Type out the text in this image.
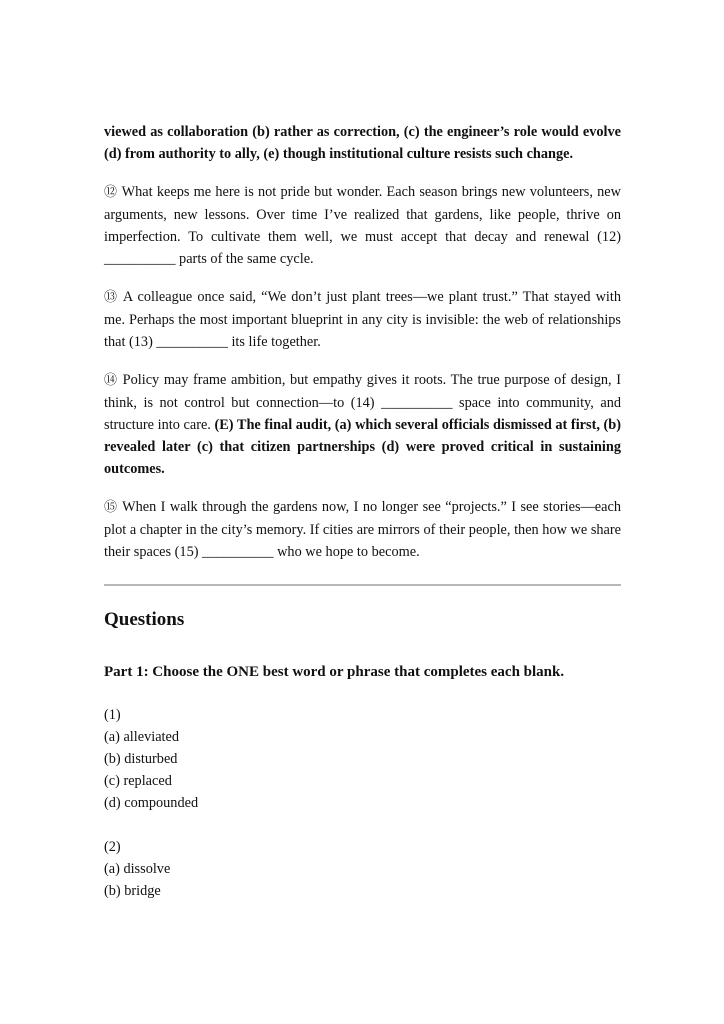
viewed as collaboration (b) rather as correction, (c) the engineer’s role would evolve (d) from authority to ally, (e) though institutional culture resists such change.

⑫ What keeps me here is not pride but wonder. Each season brings new volunteers, new arguments, new lessons. Over time I’ve realized that gardens, like people, thrive on imperfection. To cultivate them well, we must accept that decay and renewal (12) __________ parts of the same cycle.

⑬ A colleague once said, “We don’t just plant trees—we plant trust.” That stayed with me. Perhaps the most important blueprint in any city is invisible: the web of relationships that (13) __________ its life together.

⑭ Policy may frame ambition, but empathy gives it roots. The true purpose of design, I think, is not control but connection—to (14) __________ space into community, and structure into care. (E) The final audit, (a) which several officials dismissed at first, (b) revealed later (c) that citizen partnerships (d) were proved critical in sustaining outcomes.

⑮ When I walk through the gardens now, I no longer see “projects.” I see stories—each plot a chapter in the city’s memory. If cities are mirrors of their people, then how we share their spaces (15) __________ who we hope to become.

Questions
Part 1: Choose the ONE best word or phrase that completes each blank.
(1)
(a) alleviated
(b) disturbed
(c) replaced
(d) compounded
(2)
(a) dissolve
(b) bridge
